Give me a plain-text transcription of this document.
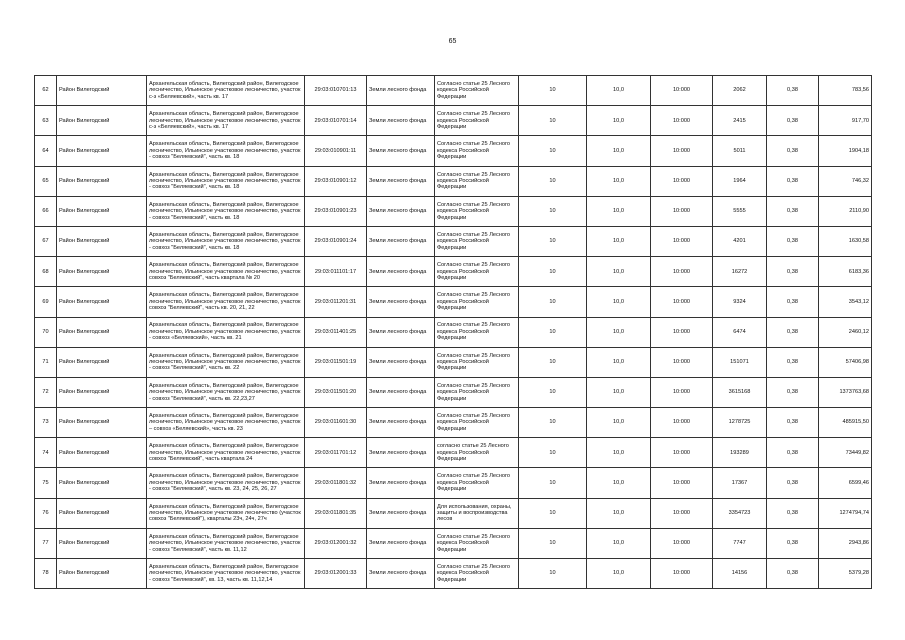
65
62	Район Вилегодский	Архангельская область, Вилегодский район, Вилегодское лесничество, Ильинское участковое лесничество, участок с-з «Беляевский», часть кв. 17	29:03:010701:13	Земли лесного фонда	Согласно статье 25 Лесного кодекса Российской Федерации	10	10,0	10:000	2062	0,38	783,56
63	Район Вилегодский	Архангельская область, Вилегодский район, Вилегодское лесничество, Ильинское участковое лесничество, участок с-з «Беляевский», часть кв. 17	29:03:010701:14	Земли лесного фонда	Согласно статье 25 Лесного кодекса Российской Федерации	10	10,0	10:000	2415	0,38	917,70
64	Район Вилегодский	Архангельская область, Вилегодский район, Вилегодское лесничество, Ильинское участковое лесничество, участок - совхоз "Беляевский", часть кв. 18	29:03:010901:11	Земли лесного фонда	Согласно статье 25 Лесного кодекса Российской Федерации	10	10,0	10:000	5011	0,38	1904,18
65	Район Вилегодский	Архангельская область, Вилегодский район, Вилегодское лесничество, Ильинское участковое лесничество, участок - совхоз "Беляевский", часть кв. 18	29:03:010901:12	Земли лесного фонда	Согласно статье 25 Лесного кодекса Российской Федерации	10	10,0	10:000	1964	0,38	746,32
66	Район Вилегодский	Архангельская область, Вилегодский район, Вилегодское лесничество, Ильинское участковое лесничество, участок - совхоз "Беляевский", часть кв. 18	29:03:010901:23	Земли лесного фонда	Согласно статье 25 Лесного кодекса Российской Федерации	10	10,0	10:000	5555	0,38	2110,90
67	Район Вилегодский	Архангельская область, Вилегодский район, Вилегодское лесничество, Ильинское участковое лесничество, участок - совхоз "Беляевский", часть кв. 18	29:03:010901:24	Земли лесного фонда	Согласно статье 25 Лесного кодекса Российской Федерации	10	10,0	10:000	4201	0,38	1630,58
68	Район Вилегодский	Архангельская область, Вилегодский район, Вилегодское лесничество, Ильинское участковое лесничество, участок совхоз "Беляевский", часть квартала № 20	29:03:011101:17	Земли лесного фонда	Согласно статье 25 Лесного кодекса Российской Федерации	10	10,0	10:000	16272	0,38	6183,36
69	Район Вилегодский	Архангельская область, Вилегодский район, Вилегодское лесничество, Ильинское участковое лесничество, участок совхоз "Беляевский", часть кв. 20, 21, 22	29:03:011201:31	Земли лесного фонда	Согласно статье 25 Лесного кодекса Российской Федерации	10	10,0	10:000	9324	0,38	3543,12
70	Район Вилегодский	Архангельская область, Вилегодский район, Вилегодское лесничество, Ильинское участковое лесничество, участок - совхоз «Беляевский», часть кв. 21	29:03:011401:25	Земли лесного фонда	Согласно статье 25 Лесного кодекса Российской Федерации	10	10,0	10:000	6474	0,38	2460,12
71	Район Вилегодский	Архангельская область, Вилегодский район, Вилегодское лесничество, Ильинское участковое лесничество, участок - совхоз "Беляевский", часть кв. 22	29:03:011501:19	Земли лесного фонда	Согласно статье 25 Лесного кодекса Российской Федерации	10	10,0	10:000	151071	0,38	57406,98
72	Район Вилегодский	Архангельская область, Вилегодский район, Вилегодское лесничество, Ильинское участковое лесничество, участок - совхоз "Беляевский", часть кв. 22,23,27	29:03:011501:20	Земли лесного фонда	Согласно статье 25 Лесного кодекса Российской Федерации	10	10,0	10:000	3615168	0,38	1373763,68
73	Район Вилегодский	Архангельская область, Вилегодский район, Вилегодское лесничество, Ильинское участковое лесничество, участок – совхоз «Беляевский», часть кв. 23	29:03:011601:30	Земли лесного фонда	Согласно статье 25 Лесного кодекса Российской Федерации	10	10,0	10:000	1278725	0,38	485915,50
74	Район Вилегодский	Архангельская область, Вилегодский район, Вилегодское лесничество, Ильинское участковое лесничество, участок совхоз "Беляевский", часть квартала 24	29:03:011701:12	Земли лесного фонда	согласно статье 25 Лесного кодекса Российской Федерации	10	10,0	10:000	193289	0,38	73449,82
75	Район Вилегодский	Архангельская область, Вилегодский район, Вилегодское лесничество, Ильинское участковое лесничество, участок - совхоз "Беляевский", часть кв. 23, 24, 25, 26, 27	29:03:011801:32	Земли лесного фонда	Согласно статье 25 Лесного кодекса Российской Федерации	10	10,0	10:000	17367	0,38	6599,46
76	Район Вилегодский	Архангельская область, Вилегодский район, Вилегодское лесничество, Ильинское участковое лесничество (участок совхоз "Беляевский"), кварталы 23ч, 24ч, 27ч	29:03:011801:35	Земли лесного фонда	Для использования, охраны, защиты и воспроизводства лесов	10	10,0	10:000	3354723	0,38	1274794,74
77	Район Вилегодский	Архангельская область, Вилегодский район, Вилегодское лесничество, Ильинское участковое лесничество, участок - совхоз "Беляевский", часть кв. 11,12	29:03:012001:32	Земли лесного фонда	Согласно статье 25 Лесного кодекса Российской Федерации	10	10,0	10:000	7747	0,38	2943,86
78	Район Вилегодский	Архангельская область, Вилегодский район, Вилегодское лесничество, Ильинское участковое лесничество, участок - совхоз "Беляевский", кв. 13, часть кв. 11,12,14	29:03:012001:33	Земли лесного фонда	Согласно статье 25 Лесного кодекса Российской Федерации	10	10,0	10:000	14156	0,38	5379,28
